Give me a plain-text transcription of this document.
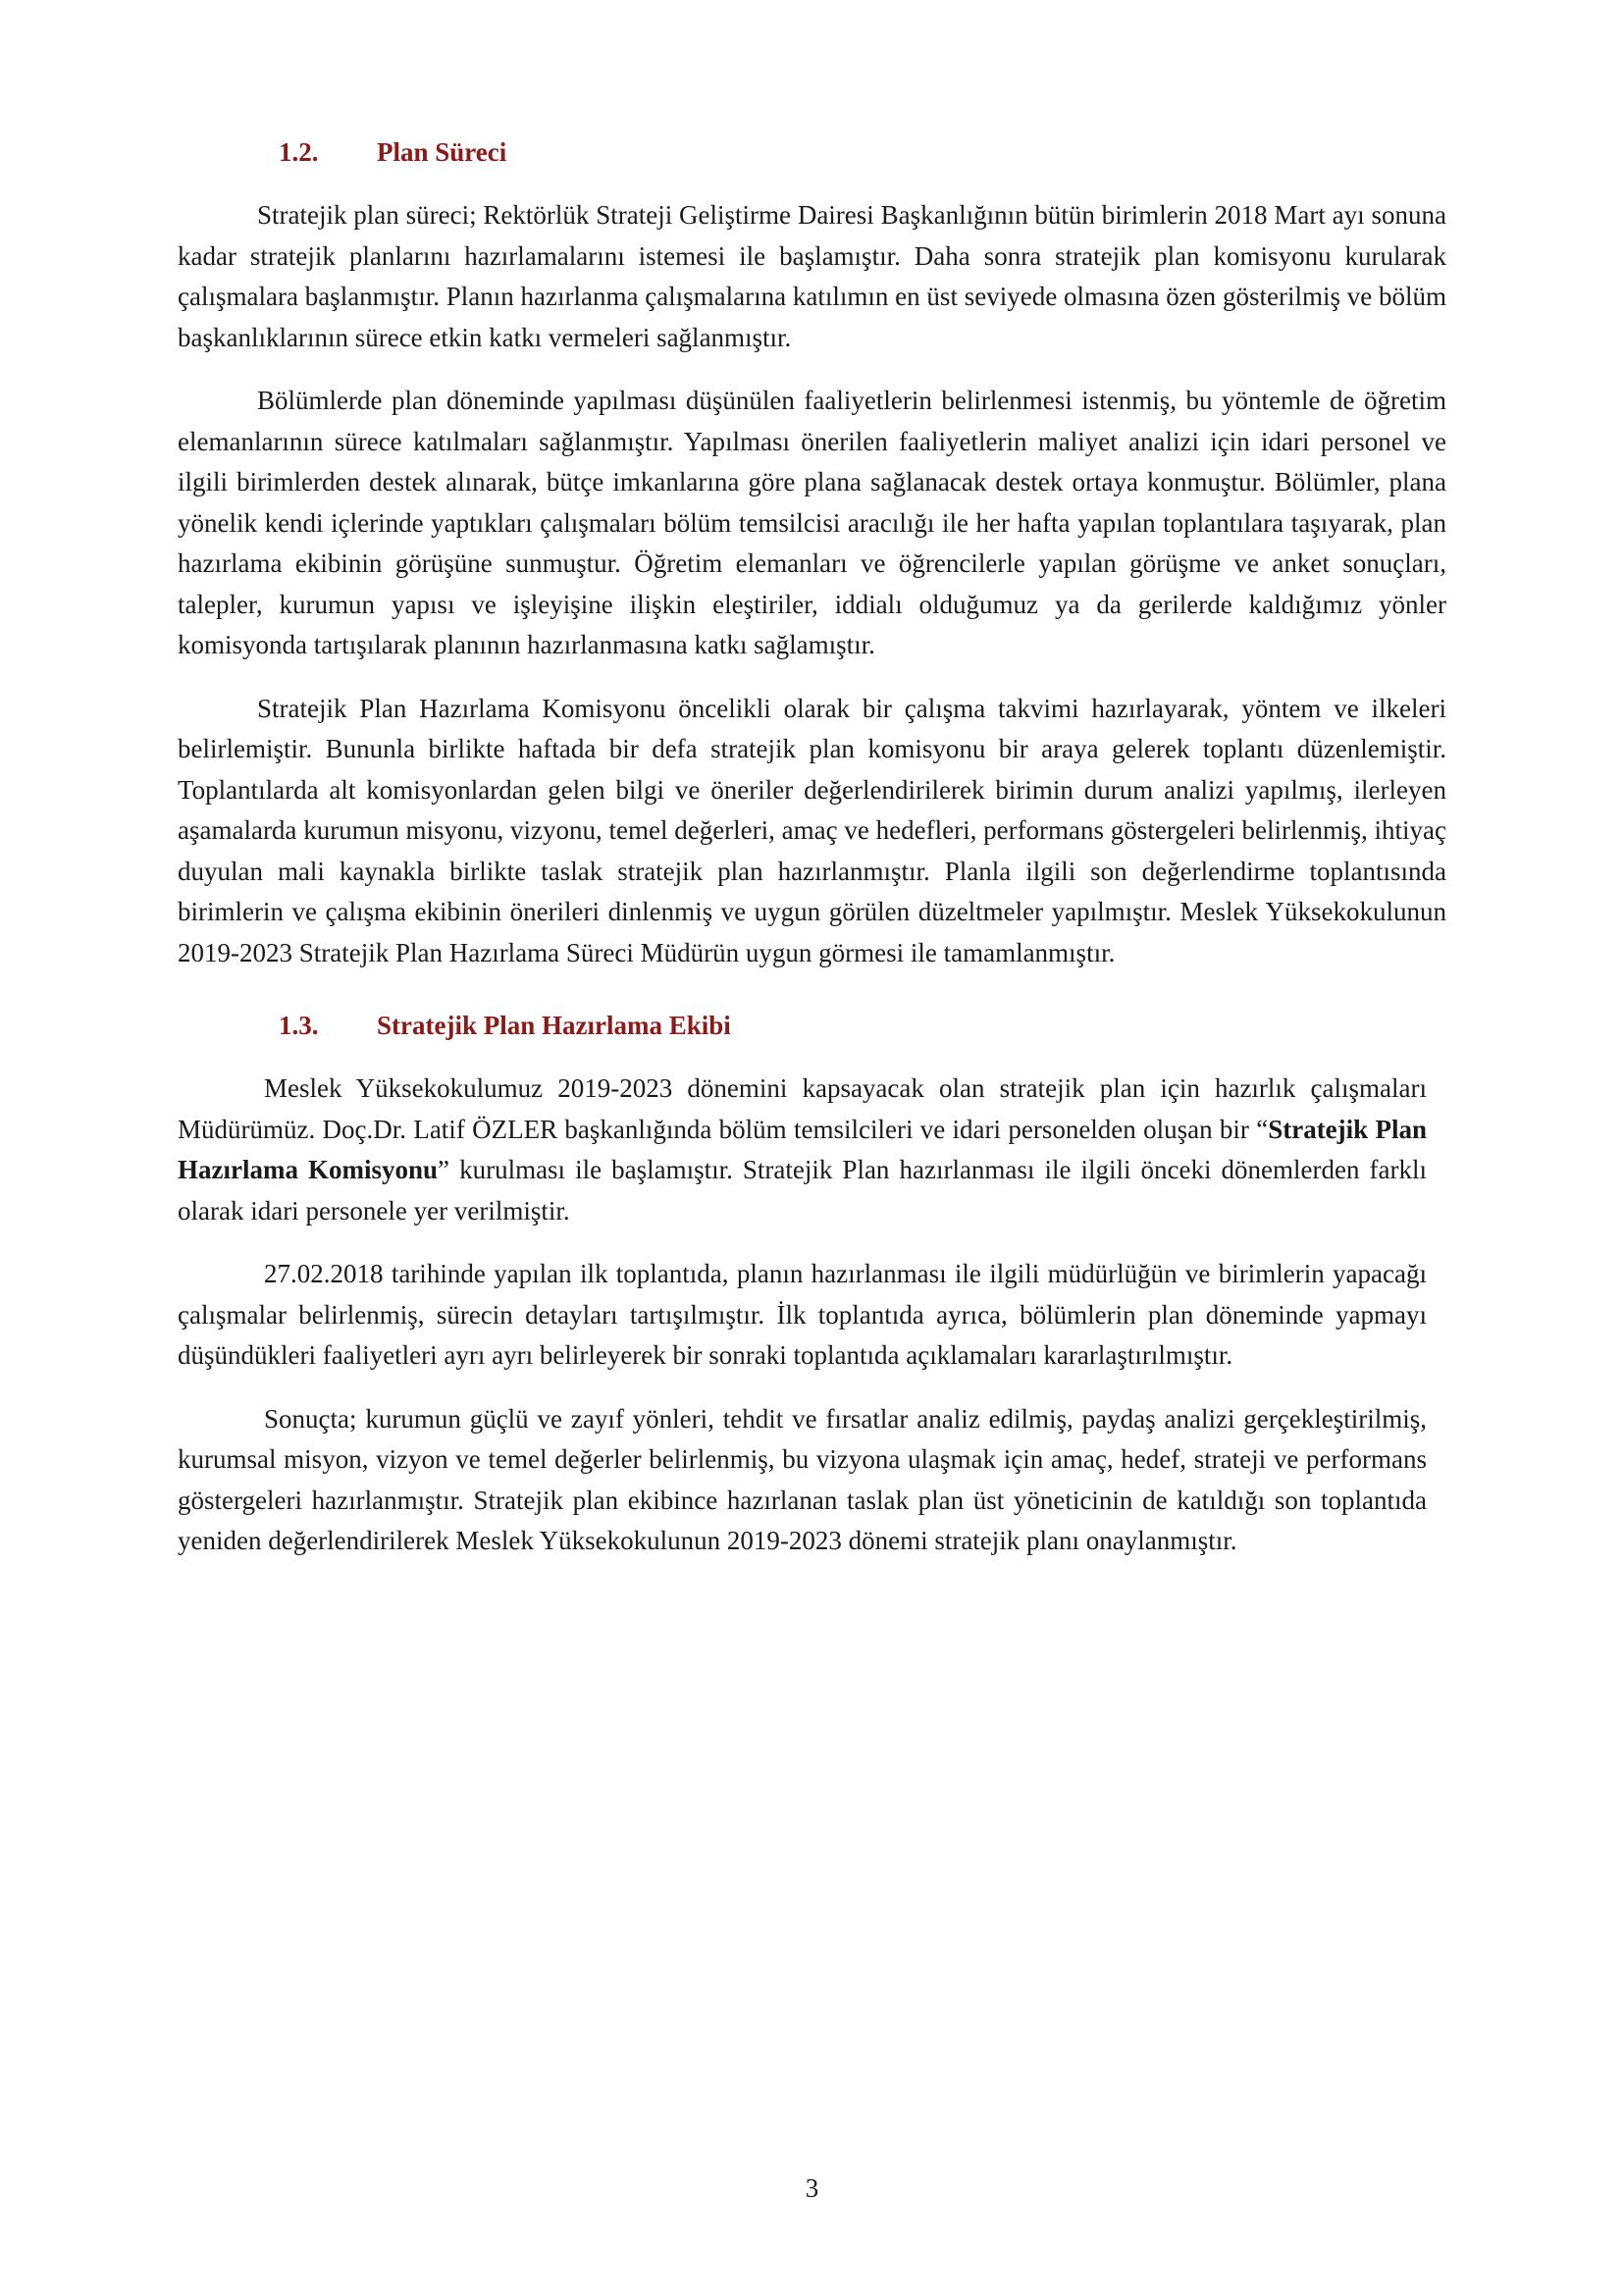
1.2.	Plan Süreci

Stratejik plan süreci; Rektörlük Strateji Geliştirme Dairesi Başkanlığının bütün birimlerin 2018 Mart ayı sonuna kadar stratejik planlarını hazırlamalarını istemesi ile başlamıştır. Daha sonra stratejik plan komisyonu kurularak çalışmalara başlanmıştır. Planın hazırlanma çalışmalarına katılımın en üst seviyede olmasına özen gösterilmiş ve bölüm başkanlıklarının sürece etkin katkı vermeleri sağlanmıştır.

Bölümlerde plan döneminde yapılması düşünülen faaliyetlerin belirlenmesi istenmiş, bu yöntemle de öğretim elemanlarının sürece katılmaları sağlanmıştır. Yapılması önerilen faaliyetlerin maliyet analizi için idari personel ve ilgili birimlerden destek alınarak, bütçe imkanlarına göre plana sağlanacak destek ortaya konmuştur. Bölümler, plana yönelik kendi içlerinde yaptıkları çalışmaları bölüm temsilcisi aracılığı ile her hafta yapılan toplantılara taşıyarak, plan hazırlama ekibinin görüşüne sunmuştur. Öğretim elemanları ve öğrencilerle yapılan görüşme ve anket sonuçları, talepler, kurumun yapısı ve işleyişine ilişkin eleştiriler, iddialı olduğumuz ya da gerilerde kaldığımız yönler komisyonda tartışılarak planının hazırlanmasına katkı sağlamıştır.

Stratejik Plan Hazırlama Komisyonu öncelikli olarak bir çalışma takvimi hazırlayarak, yöntem ve ilkeleri belirlemiştir. Bununla birlikte haftada bir defa stratejik plan komisyonu bir araya gelerek toplantı düzenlemiştir. Toplantılarda alt komisyonlardan gelen bilgi ve öneriler değerlendirilerek birimin durum analizi yapılmış, ilerleyen aşamalarda kurumun misyonu, vizyonu, temel değerleri, amaç ve hedefleri, performans göstergeleri belirlenmiş, ihtiyaç duyulan mali kaynakla birlikte taslak stratejik plan hazırlanmıştır. Planla ilgili son değerlendirme toplantısında birimlerin ve çalışma ekibinin önerileri dinlenmiş ve uygun görülen düzeltmeler yapılmıştır. Meslek Yüksekokulunun 2019-2023 Stratejik Plan Hazırlama Süreci Müdürün uygun görmesi ile tamamlanmıştır.

1.3.	Stratejik Plan Hazırlama Ekibi

Meslek Yüksekokulumuz 2019-2023 dönemini kapsayacak olan stratejik plan için hazırlık çalışmaları Müdürümüz. Doç.Dr. Latif ÖZLER başkanlığında bölüm temsilcileri ve idari personelden oluşan bir “Stratejik Plan Hazırlama Komisyonu” kurulması ile başlamıştır. Stratejik Plan hazırlanması ile ilgili önceki dönemlerden farklı olarak idari personele yer verilmiştir.

27.02.2018 tarihinde yapılan ilk toplantıda, planın hazırlanması ile ilgili müdürlüğün ve birimlerin yapacağı çalışmalar belirlenmiş, sürecin detayları tartışılmıştır. İlk toplantıda ayrıca, bölümlerin plan döneminde yapmayı düşündükleri faaliyetleri ayrı ayrı belirleyerek bir sonraki toplantıda açıklamaları kararlaştırılmıştır.

Sonuçta; kurumun güçlü ve zayıf yönleri, tehdit ve fırsatlar analiz edilmiş, paydaş analizi gerçekleştirilmiş, kurumsal misyon, vizyon ve temel değerler belirlenmiş, bu vizyona ulaşmak için amaç, hedef, strateji ve performans göstergeleri hazırlanmıştır. Stratejik plan ekibince hazırlanan taslak plan üst yöneticinin de katıldığı son toplantıda yeniden değerlendirilerek Meslek Yüksekokulunun 2019-2023 dönemi stratejik planı onaylanmıştır.

3
